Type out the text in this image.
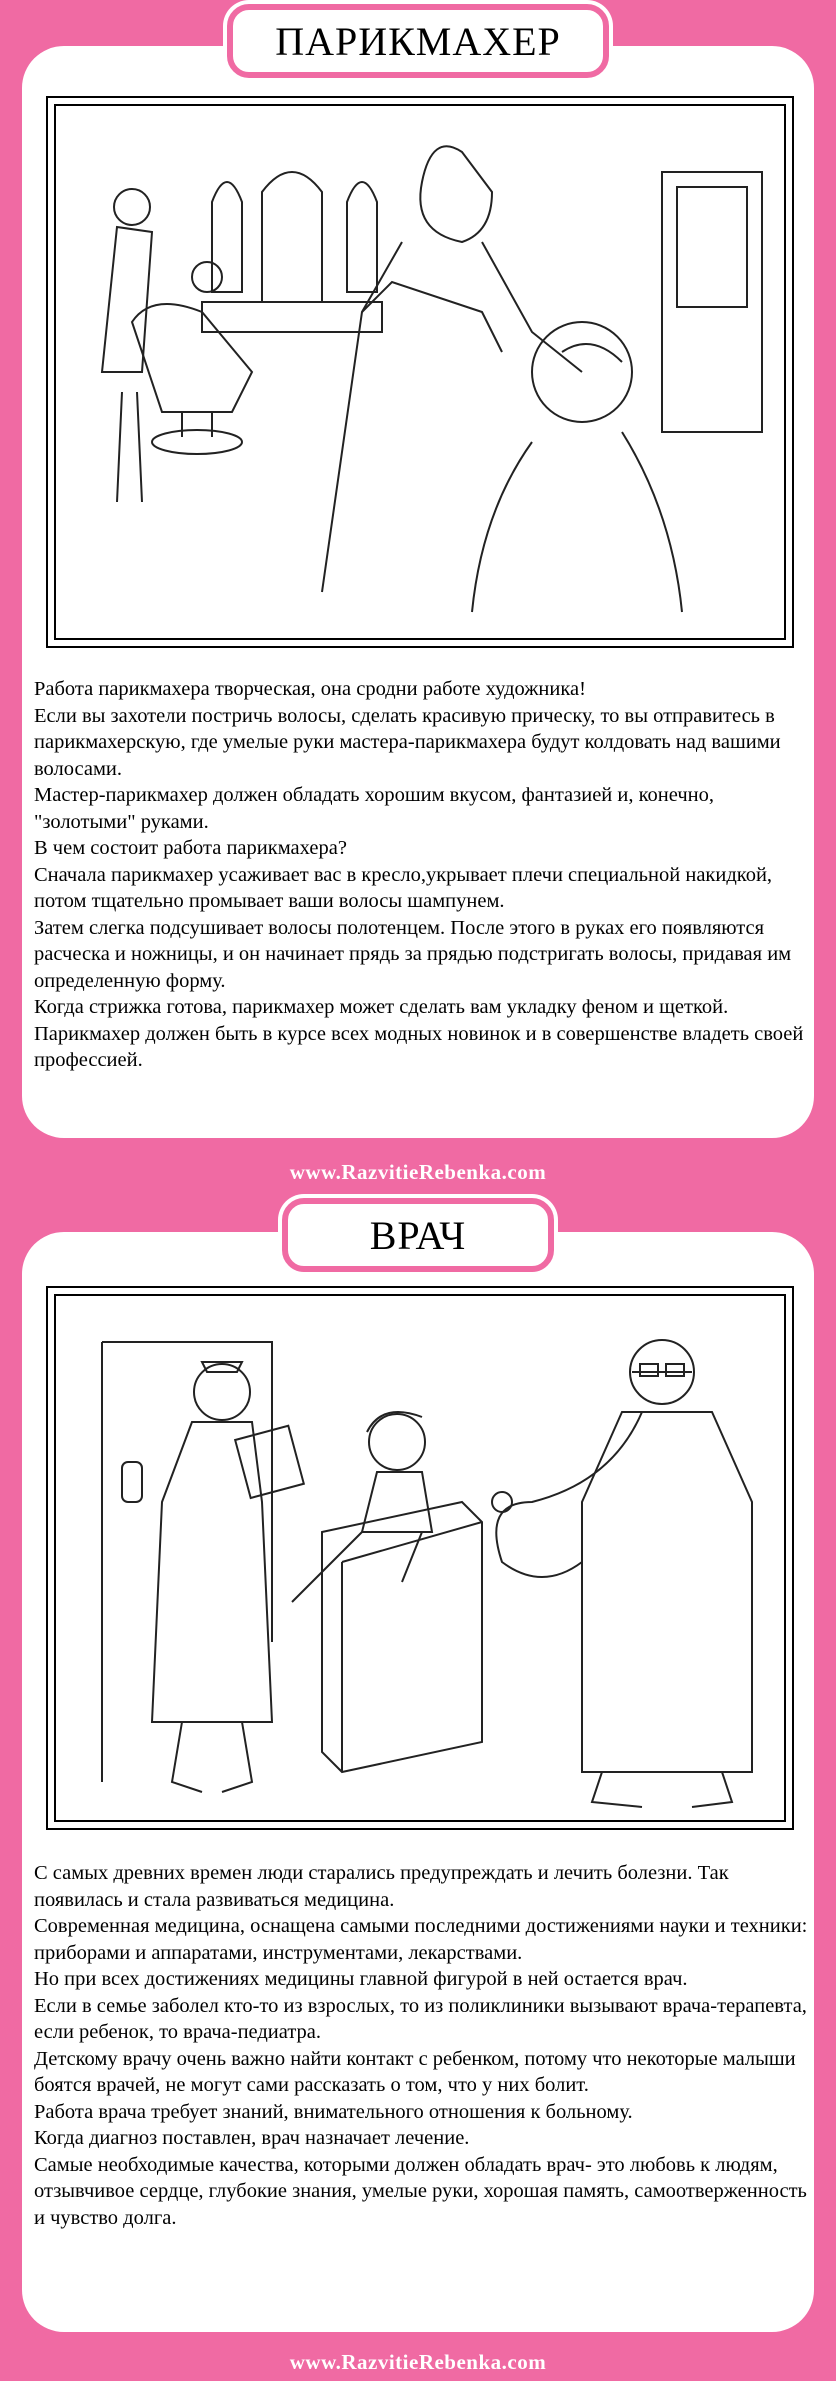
ПАРИКМАХЕР

Работа парикмахера творческая, она сродни работе художника!

Если вы захотели постричь волосы, сделать красивую прическу, то вы отправитесь в парикмахерскую, где умелые руки мастера-парикмахера будут колдовать над вашими волосами.

Мастер-парикмахер должен обладать хорошим вкусом, фантазией и, конечно, "золотыми" руками.

В чем состоит работа парикмахера?

Сначала парикмахер усаживает вас в кресло,укрывает плечи специальной накидкой, потом тщательно промывает ваши волосы шампунем.

Затем слегка подсушивает волосы полотенцем. После этого в руках его появляются расческа и ножницы, и он начинает прядь за прядью подстригать волосы, придавая им определенную форму.

Когда стрижка готова, парикмахер может сделать вам укладку феном и щеткой.

Парикмахер должен быть в курсе всех модных новинок и в совершенстве владеть своей профессией.

www.RazvitieRebenka.com
ВРАЧ

С самых древних времен люди старались предупреждать и лечить болезни. Так появилась и стала развиваться медицина.

Современная медицина, оснащена самыми последними достижениями науки и техники: приборами и аппаратами, инструментами, лекарствами.

Но при всех достижениях медицины главной фигурой в ней остается врач.

Если в семье заболел кто-то из взрослых, то из поликлиники вызывают врача-терапевта, если ребенок, то врача-педиатра.

Детскому врачу очень важно найти контакт с ребенком, потому что некоторые малыши боятся врачей, не могут сами рассказать о том, что у них болит.

Работа врача требует знаний, внимательного отношения к больному.

Когда диагноз поставлен, врач назначает лечение.

Самые необходимые качества, которыми должен обладать врач- это любовь к людям, отзывчивое сердце, глубокие знания, умелые руки, хорошая память, самоотверженность и чувство долга.

www.RazvitieRebenka.com
